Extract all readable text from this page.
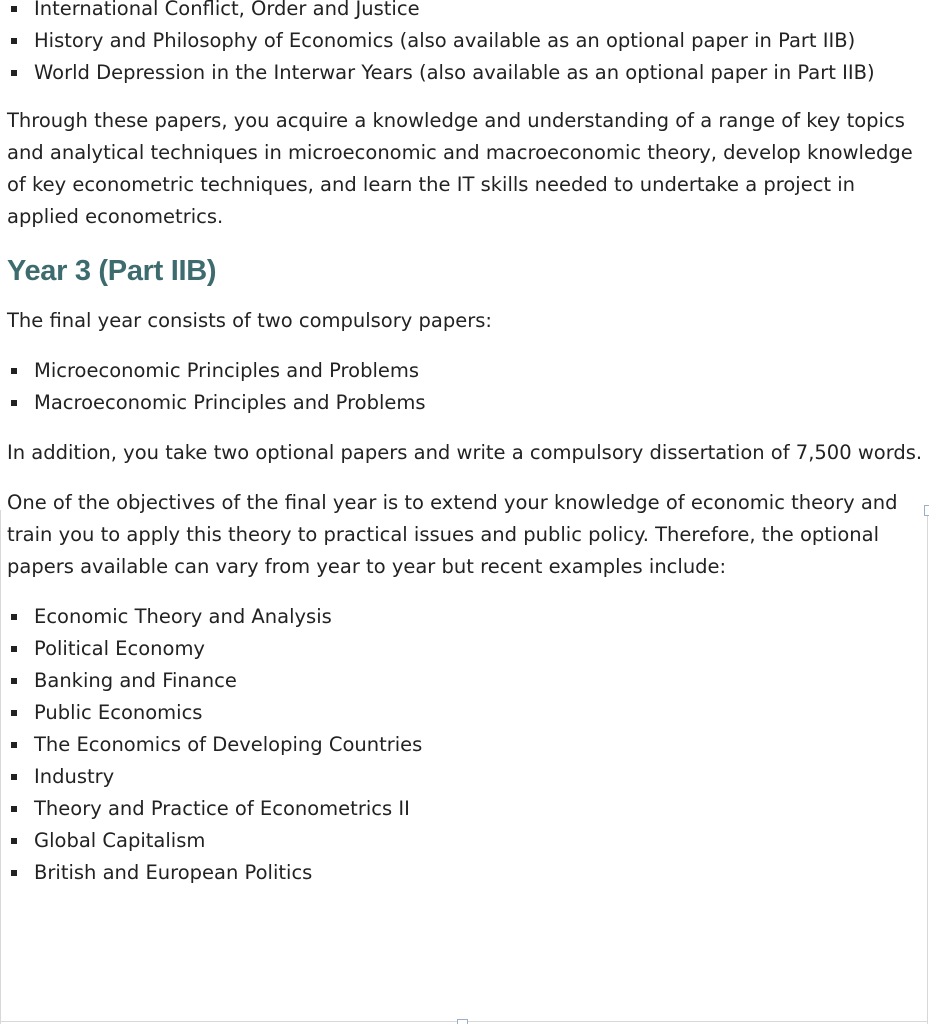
International Conflict, Order and Justice
History and Philosophy of Economics (also available as an optional paper in Part IIB)
World Depression in the Interwar Years (also available as an optional paper in Part IIB)

Through these papers, you acquire a knowledge and understanding of a range of key topics and analytical techniques in microeconomic and macroeconomic theory, develop knowledge of key econometric techniques, and learn the IT skills needed to undertake a project in applied econometrics.

Year 3 (Part IIB)

The final year consists of two compulsory papers:

Microeconomic Principles and Problems
Macroeconomic Principles and Problems

In addition, you take two optional papers and write a compulsory dissertation of 7,500 words.

One of the objectives of the final year is to extend your knowledge of economic theory and train you to apply this theory to practical issues and public policy. Therefore, the optional papers available can vary from year to year but recent examples include:

Economic Theory and Analysis
Political Economy
Banking and Finance
Public Economics
The Economics of Developing Countries
Industry
Theory and Practice of Econometrics II
Global Capitalism
British and European Politics
